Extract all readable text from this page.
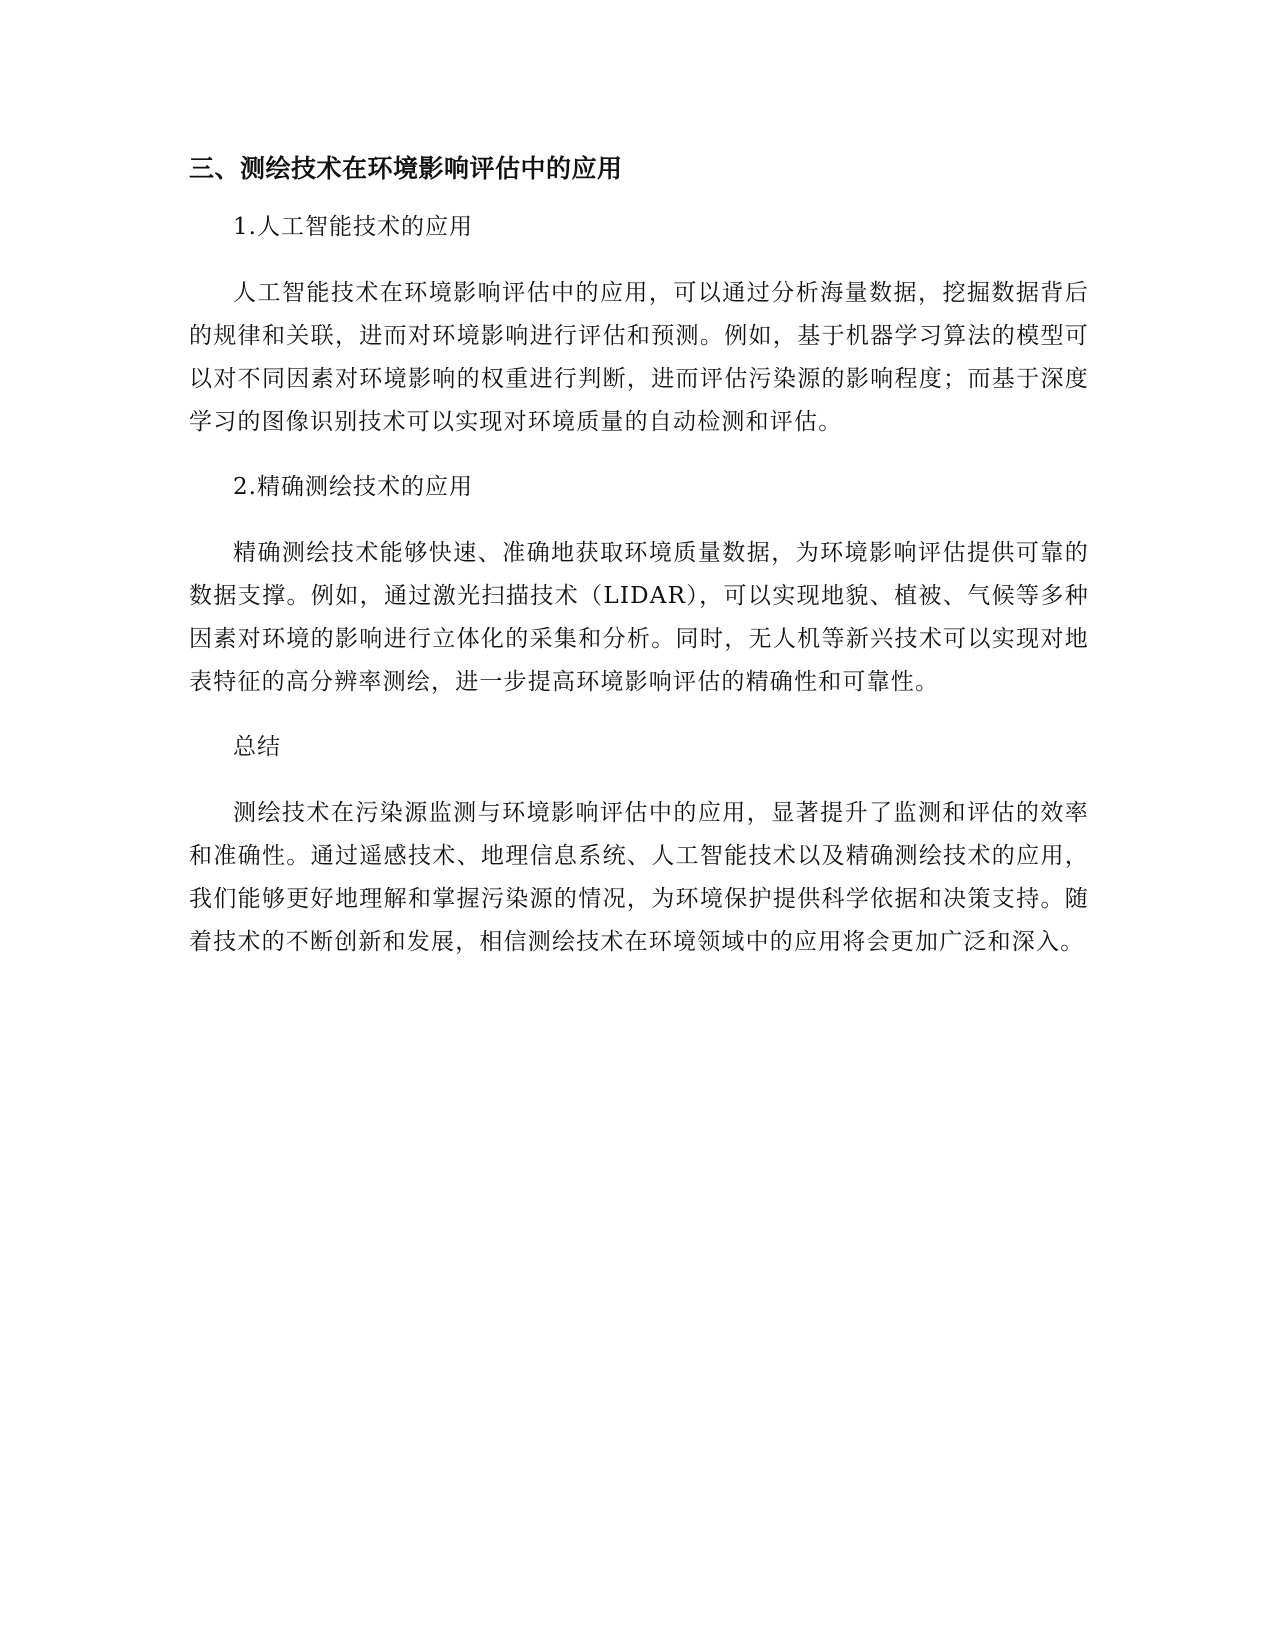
三、测绘技术在环境影响评估中的应用

1.人工智能技术的应用

人工智能技术在环境影响评估中的应用，可以通过分析海量数据，挖掘数据背后的规律和关联，进而对环境影响进行评估和预测。例如，基于机器学习算法的模型可以对不同因素对环境影响的权重进行判断，进而评估污染源的影响程度；而基于深度学习的图像识别技术可以实现对环境质量的自动检测和评估。

2.精确测绘技术的应用

精确测绘技术能够快速、准确地获取环境质量数据，为环境影响评估提供可靠的数据支撑。例如，通过激光扫描技术（LIDAR），可以实现地貌、植被、气候等多种因素对环境的影响进行立体化的采集和分析。同时，无人机等新兴技术可以实现对地表特征的高分辨率测绘，进一步提高环境影响评估的精确性和可靠性。

总结

测绘技术在污染源监测与环境影响评估中的应用，显著提升了监测和评估的效率和准确性。通过遥感技术、地理信息系统、人工智能技术以及精确测绘技术的应用，我们能够更好地理解和掌握污染源的情况，为环境保护提供科学依据和决策支持。随着技术的不断创新和发展，相信测绘技术在环境领域中的应用将会更加广泛和深入。
